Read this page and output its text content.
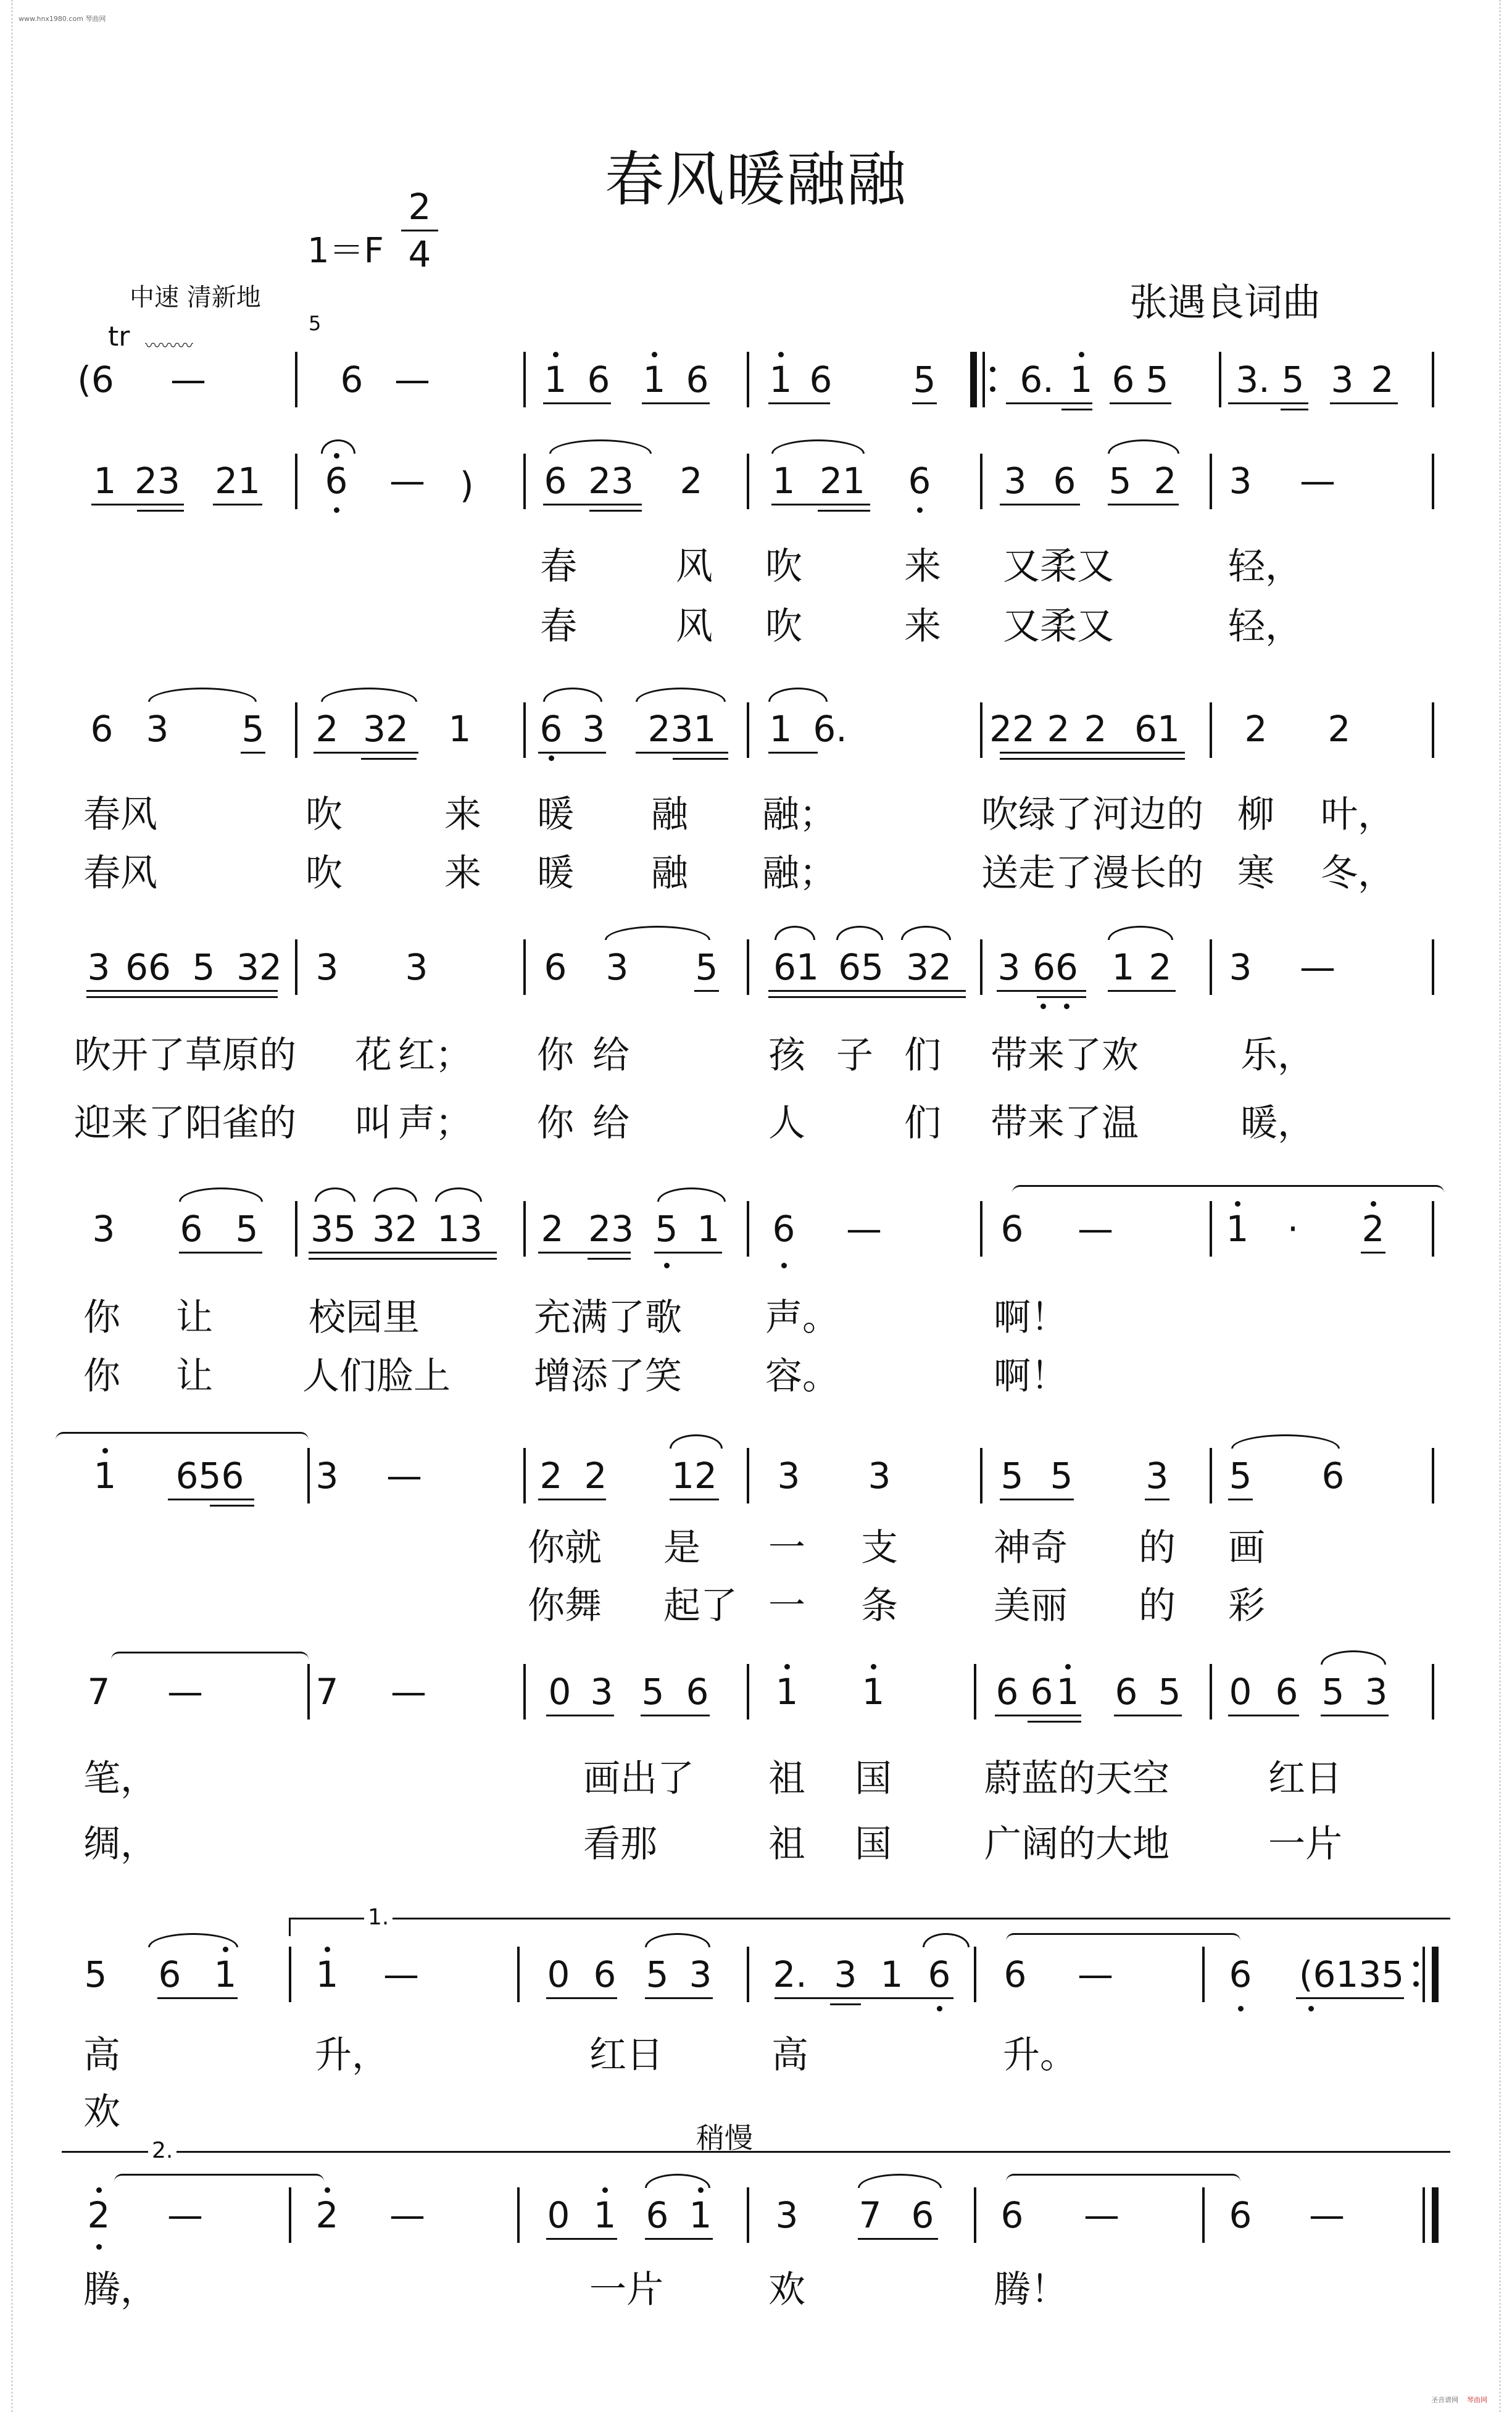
www.hnx1980.com 琴曲网
圣音谱网 琴曲网
春风暖融融
1＝F
2
4
张遇良词曲
中速 清新地
tr 〰〰〰
5
(6 —	6 —	1 6 1 6 1 6 5 6. 1 6 5 3. 5 3 2
1 23 21 6 — ) 6 23 2 1 21 6 3 6 5 2 3 —
春	风 吹	来 又柔又	轻，
春	风 吹	来 又柔又	轻，
6 3 5 2 32 1 6 3 231 1 6.	22 2 2 61 2 2
春风	吹	来 暖 融 融；	吹绿了河边的 柳 叶，
春风	吹	来 暖 融 融；	送走了漫长的 寒 冬，
3 66 5 32 3 3	6 3 5 61 65 32 3 66 1 2 3 —
吹开了草原的 花 红； 你 给	孩 子 们 带来了欢	乐，
迎来了阳雀的 叫 声； 你 给	人	们 带来了温	暖，
3 6 5 35 32 13 2 23 5 1 6 —	6 —	1 · 2
你 让	校园里	充满了歌 声。	啊！
你 让 人们脸上 增添了笑 容。	啊！
1 656 3 —	2 2 12 3 3	5 5 3 5 6
你就 是 一 支	神奇 的 画
你舞 起了 一 条	美丽 的 彩
7 —	7 —	0 3 5 6 1 1	6 6 1 6 5 0 6 5 3
笔，	画出了 祖 国	蔚蓝的天空	红日
绸，	看那	祖 国	广阔的大地	一片
1.
5 6 1 1 —	0 6 5 3 2. 3 1 6 6 —	6 (6135
高	升，	红日	高	升。
欢
稍慢
2.
2 —	2 —	0 1 6 1 3 7 6 6 —	6 —
腾，	一片	欢	腾！
